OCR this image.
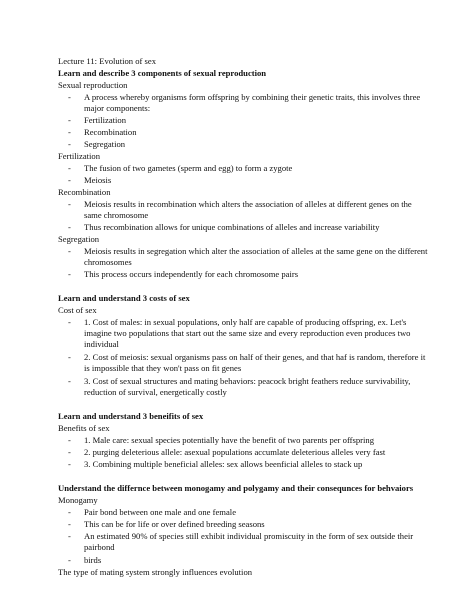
Lecture 11: Evolution of sex
Learn and describe 3 components of sexual reproduction
Sexual reproduction
- A process whereby organisms form offspring by combining their genetic traits, this involves three major components:
- Fertilization
- Recombination
- Segregation
Fertilization
- The fusion of two gametes (sperm and egg) to form a zygote
- Meiosis
Recombination
- Meiosis results in recombination which alters the association of alleles at different genes on the same chromosome
- Thus recombination allows for unique combinations of alleles and increase variability
Segregation
- Meiosis results in segregation which alter the association of alleles at the same gene on the different chromosomes
- This process occurs independently for each chromosome pairs
Learn and understand 3 costs of sex
Cost of sex
- 1. Cost of males: in sexual populations, only half are capable of producing offspring, ex. Let's imagine two populations that start out the same size and every reproduction even produces two individual
- 2. Cost of meiosis: sexual organisms pass on half of their genes, and that haf is random, therefore it is impossible that they won't pass on fit genes
- 3. Cost of sexual structures and mating behaviors: peacock bright feathers reduce survivability, reduction of survival, energetically costly
Learn and understand 3 beneifits of sex
Benefits of sex
- 1. Male care: sexual species potentially have the benefit of two parents per offspring
- 2. purging deleterious allele: asexual populations accumlate deleterious alleles very fast
- 3. Combining multiple beneficial alleles: sex allows beenficial alleles to stack up
Understand the differnce between monogamy and polygamy and their consequnces for behvaiors
Monogamy
- Pair bond between one male and one female
- This can be for life or over defined breeding seasons
- An estimated 90% of species still exhibit individual promiscuity in the form of sex outside their pairbond
- birds
The type of mating system strongly influences evolution
